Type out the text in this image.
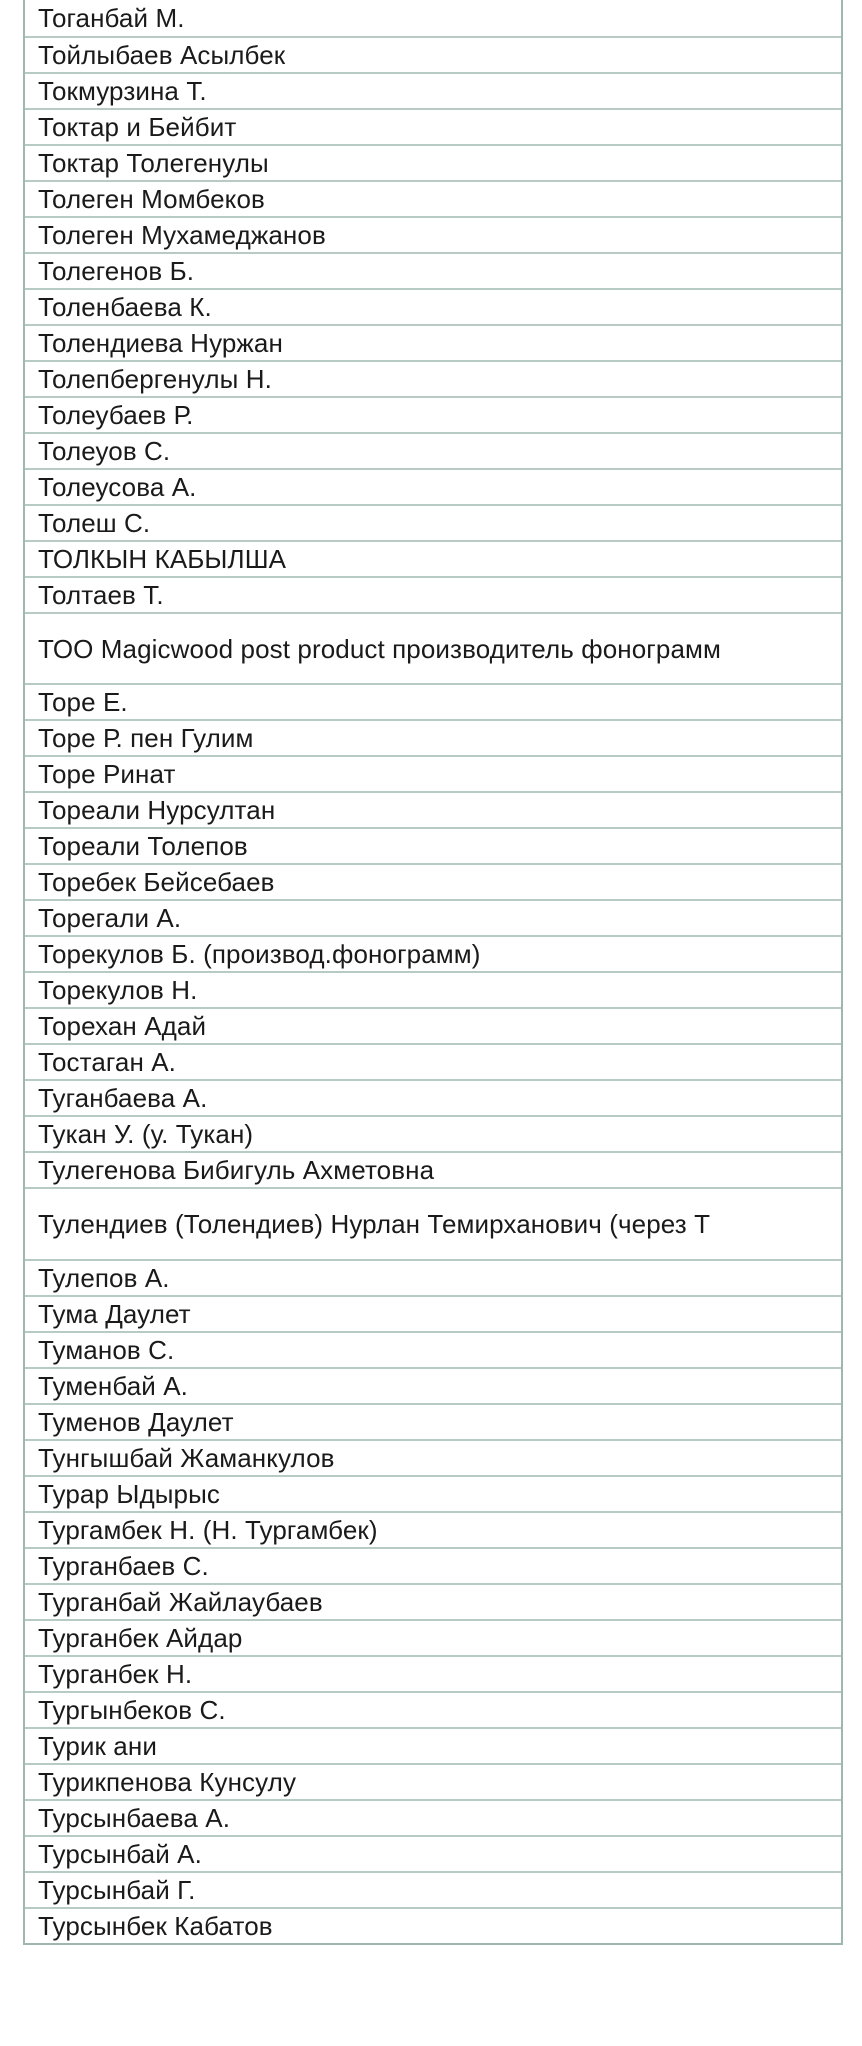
Тоганбай М.
Тойлыбаев Асылбек
Токмурзина Т.
Токтар и Бейбит
Токтар Толегенулы
Толеген Момбеков
Толеген Мухамеджанов
Толегенов Б.
Толенбаева К.
Толендиева Нуржан
Толепбергенулы Н.
Толеубаев Р.
Толеуов С.
Толеусова А.
Толеш С.
ТОЛКЫН КАБЫЛША
Толтаев Т.
ТОО Magicwood post product производитель фонограмм
Торе Е.
Торе Р. пен Гулим
Торе Ринат
Тореали Нурсултан
Тореали Толепов
Торебек Бейсебаев
Торегали А.
Торекулов Б. (производ.фонограмм)
Торекулов Н.
Торехан Адай
Тостаган А.
Туганбаева А.
Тукан У. (у. Тукан)
Тулегенова Бибигуль Ахметовна
Тулендиев (Толендиев) Нурлан Темирханович (через Т
Тулепов А.
Тума Даулет
Туманов С.
Туменбай А.
Туменов Даулет
Тунгышбай Жаманкулов
Турар Ыдырыс
Тургамбек Н. (Н. Тургамбек)
Турганбаев С.
Турганбай Жайлаубаев
Турганбек Айдар
Турганбек Н.
Тургынбеков С.
Турик ани
Турикпенова Кунсулу
Турсынбаева А.
Турсынбай А.
Турсынбай Г.
Турсынбек Кабатов
